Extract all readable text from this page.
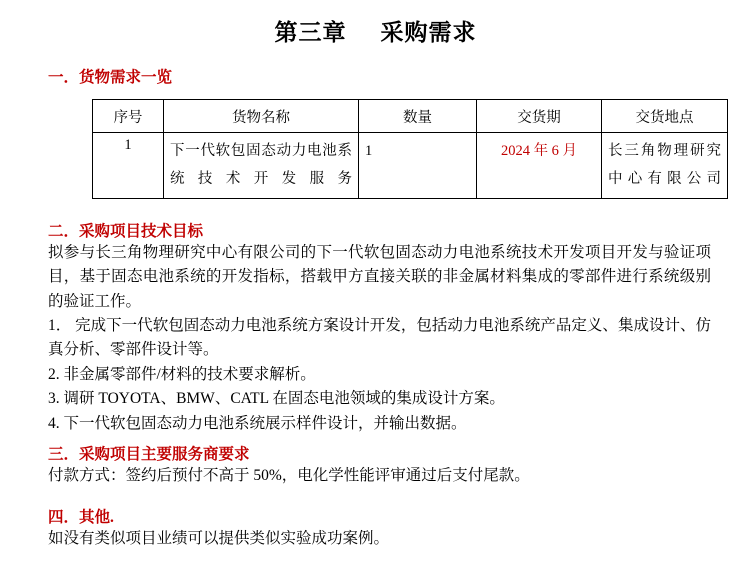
第三章 采购需求
一．货物需求一览
序号	货物名称	数量	交货期	交货地点
1	下一代软包固态动力电池系统技术开发服务	1	2024 年 6 月	长三角物理研究中心有限公司
二．采购项目技术目标

拟参与长三角物理研究中心有限公司的下一代软包固态动力电池系统技术开发项目开发与验证项目，基于固态电池系统的开发指标，搭载甲方直接关联的非金属材料集成的零部件进行系统级别的验证工作。

1． 完成下一代软包固态动力电池系统方案设计开发，包括动力电池系统产品定义、集成设计、仿真分析、零部件设计等。

2. 非金属零部件/材料的技术要求解析。

3. 调研 TOYOTA、BMW、CATL 在固态电池领域的集成设计方案。

4. 下一代软包固态动力电池系统展示样件设计，并输出数据。

三．采购项目主要服务商要求

付款方式：签约后预付不高于 50%，电化学性能评审通过后支付尾款。

四．其他.

如没有类似项目业绩可以提供类似实验成功案例。
